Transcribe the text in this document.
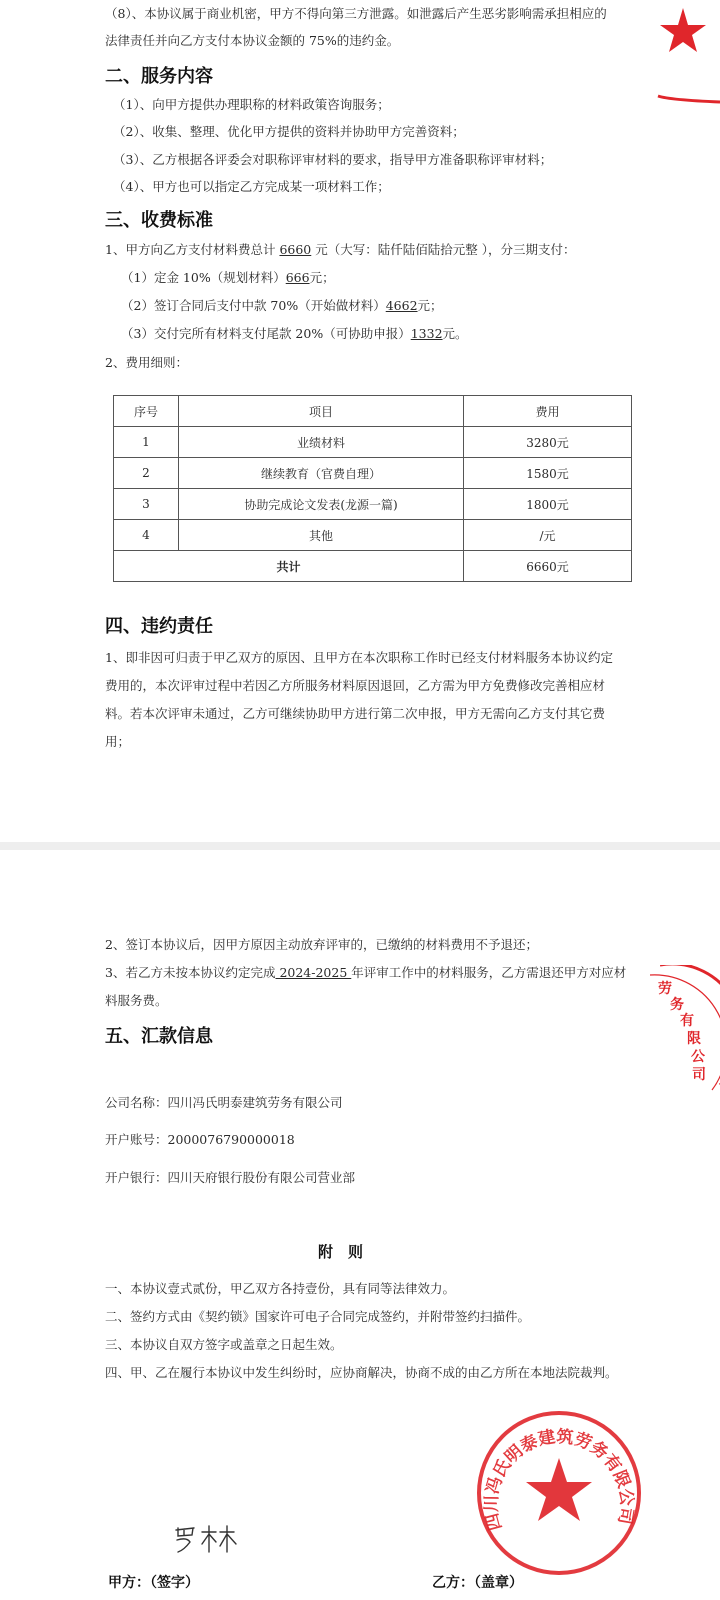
（8）、本协议属于商业机密，甲方不得向第三方泄露。如泄露后产生恶劣影响需承担相应的
法律责任并向乙方支付本协议金额的 75%的违约金。
二、服务内容
（1）、向甲方提供办理职称的材料政策咨询服务；
（2）、收集、整理、优化甲方提供的资料并协助甲方完善资料；
（3）、乙方根据各评委会对职称评审材料的要求，指导甲方准备职称评审材料；
（4）、甲方也可以指定乙方完成某一项材料工作；
三、收费标准
1、甲方向乙方支付材料费总计 6660 元（大写：陆仟陆佰陆拾元整 ），分三期支付：
（1）定金 10%（规划材料）666元；
（2）签订合同后支付中款 70%（开始做材料）4662元；
（3）交付完所有材料支付尾款 20%（可协助申报）1332元。
2、费用细则：
序号	项目	费用
1	业绩材料	3280元
2	继续教育（官费自理）	1580元
3	协助完成论文发表(龙源一篇)	1800元
4	其他	/元
共计		6660元
四、违约责任
1、即非因可归责于甲乙双方的原因、且甲方在本次职称工作时已经支付材料服务本协议约定
费用的，本次评审过程中若因乙方所服务材料原因退回，乙方需为甲方免费修改完善相应材
料。若本次评审未通过，乙方可继续协助甲方进行第二次申报，甲方无需向乙方支付其它费
用；
2、签订本协议后，因甲方原因主动放弃评审的，已缴纳的材料费用不予退还；
3、若乙方未按本协议约定完成 2024-2025 年评审工作中的材料服务，乙方需退还甲方对应材
料服务费。
五、汇款信息
公司名称：四川冯氏明泰建筑劳务有限公司
开户账号：2000076790000018
开户银行：四川天府银行股份有限公司营业部
附　则
一、本协议壹式贰份，甲乙双方各持壹份，具有同等法律效力。
二、签约方式由《契约锁》国家许可电子合同完成签约，并附带签约扫描件。
三、本协议自双方签字或盖章之日起生效。
四、甲、乙在履行本协议中发生纠纷时，应协商解决，协商不成的由乙方所在本地法院裁判。
甲方：（签字）	乙方：（盖章）
劳务有 限公司
四川冯氏明泰建筑劳务有限公司
